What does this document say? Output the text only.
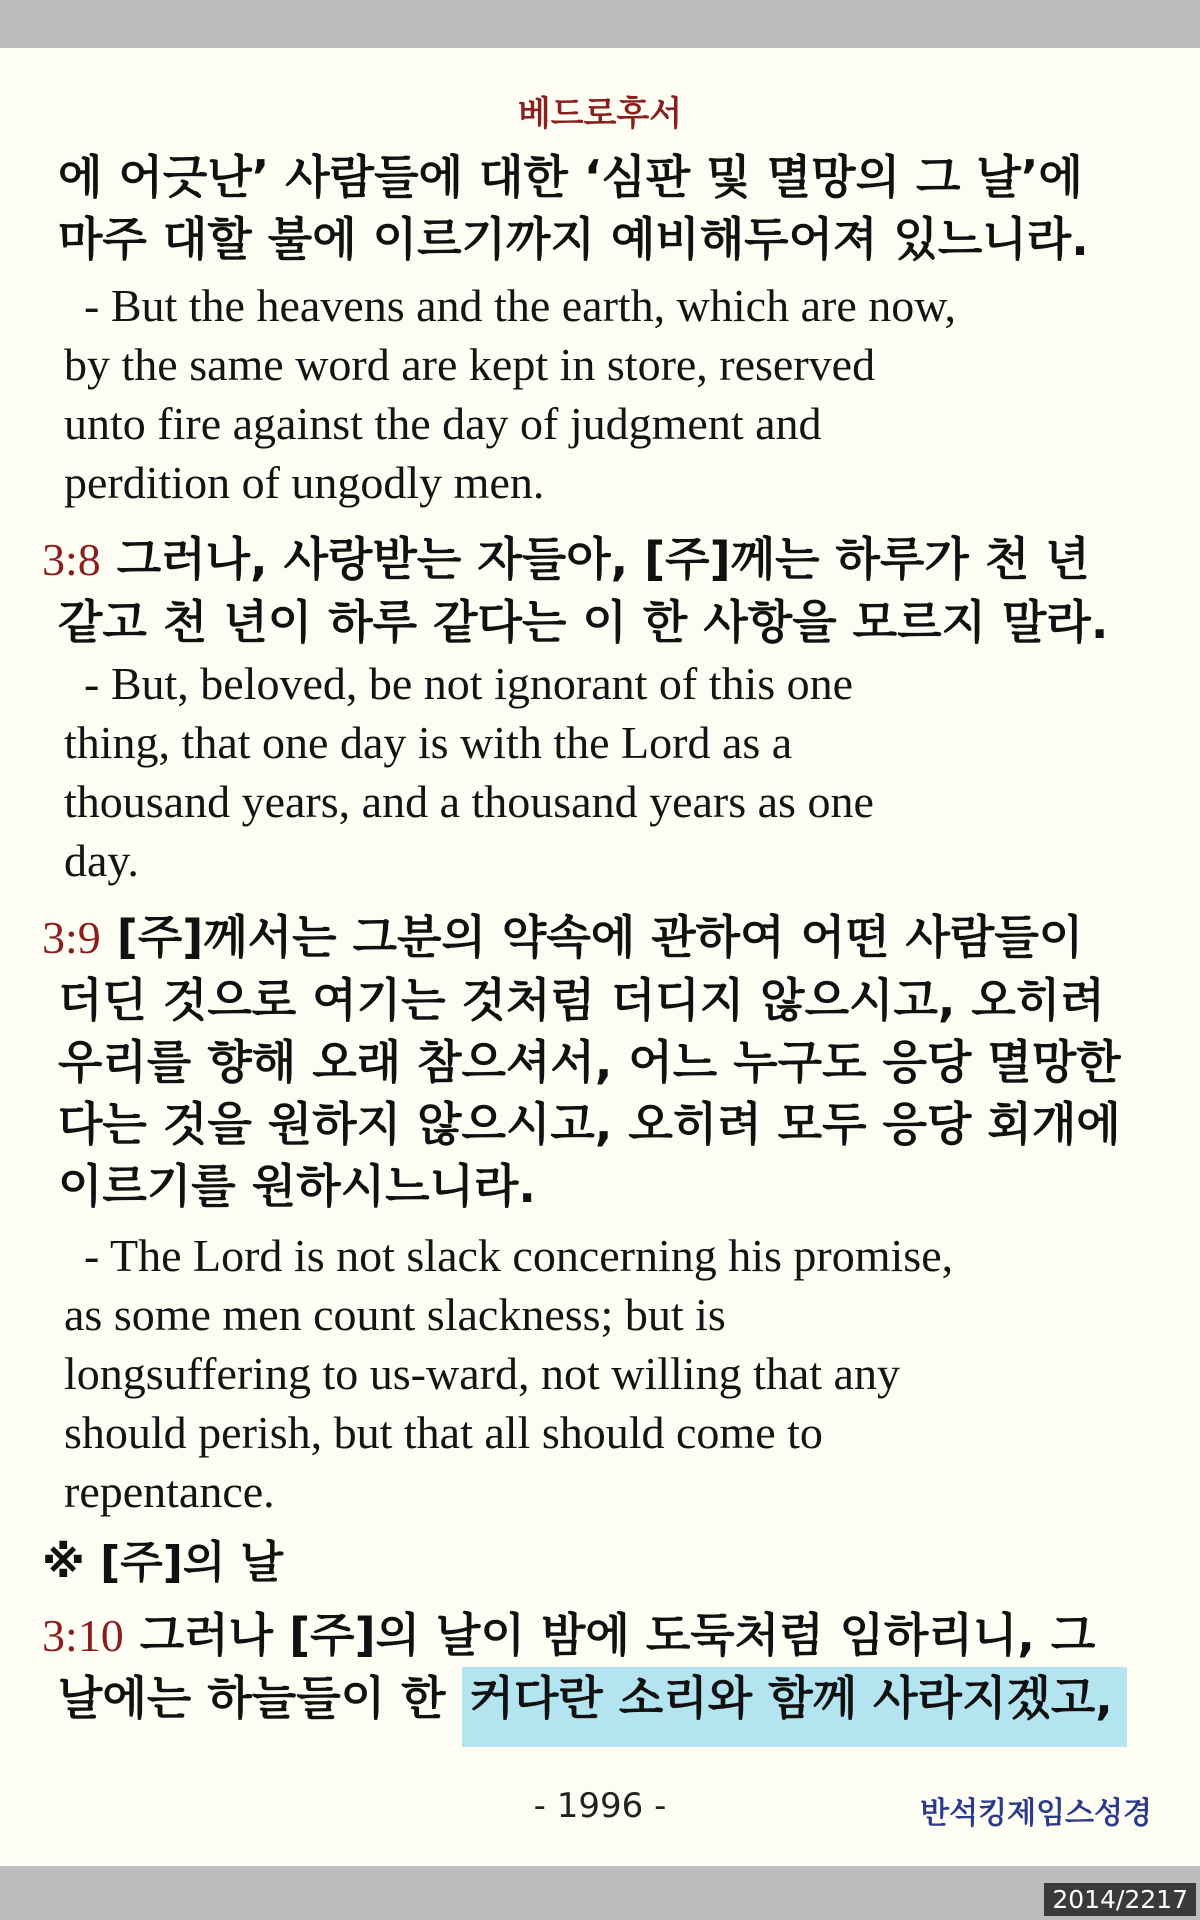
베드로후서
에 어긋난’ 사람들에 대한 ‘심판 및 멸망의 그 날’에
마주 대할 불에 이르기까지 예비해두어져 있느니라.
- But the heavens and the earth, which are now,
by the same word are kept in store, reserved
unto fire against the day of judgment and
perdition of ungodly men.
3:8 그러나, 사랑받는 자들아, [주]께는 하루가 천 년
같고 천 년이 하루 같다는 이 한 사항을 모르지 말라.
- But, beloved, be not ignorant of this one
thing, that one day is with the Lord as a
thousand years, and a thousand years as one
day.
3:9 [주]께서는 그분의 약속에 관하여 어떤 사람들이
더딘 것으로 여기는 것처럼 더디지 않으시고, 오히려
우리를 향해 오래 참으셔서, 어느 누구도 응당 멸망한
다는 것을 원하지 않으시고, 오히려 모두 응당 회개에
이르기를 원하시느니라.
- The Lord is not slack concerning his promise,
as some men count slackness; but is
longsuffering to us-ward, not willing that any
should perish, but that all should come to
repentance.
※ [주]의 날
3:10 그러나 [주]의 날이 밤에 도둑처럼 임하리니, 그
날에는 하늘들이 한 커다란 소리와 함께 사라지겠고,
- 1996 -	반석킹제임스성경
2014/2217
